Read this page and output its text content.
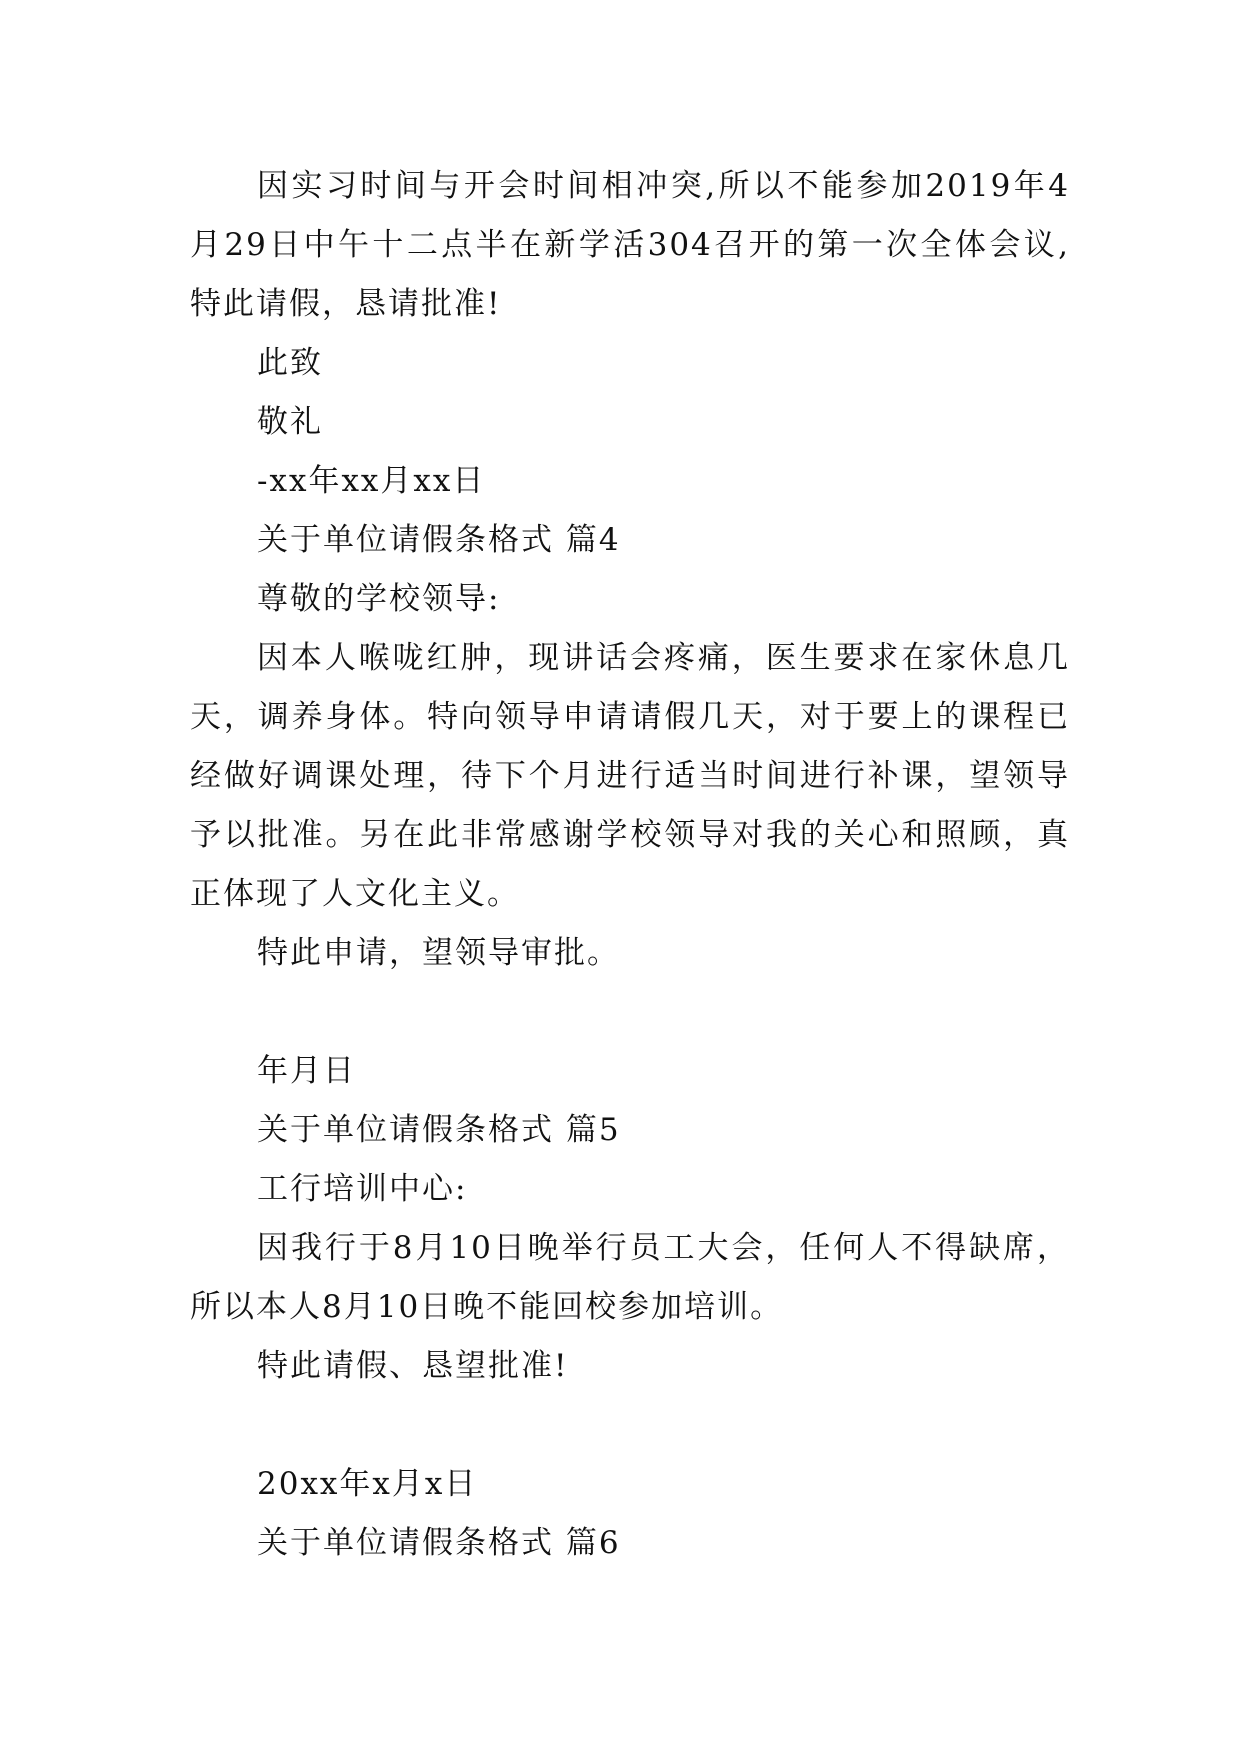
因实习时间与开会时间相冲突,所以不能参加2019年4
月29日中午十二点半在新学活304召开的第一次全体会议,
特此请假，恳请批准!
此致
敬礼
-xx年xx月xx日
关于单位请假条格式 篇4
尊敬的学校领导:
因本人喉咙红肿，现讲话会疼痛，医生要求在家休息几
天，调养身体。特向领导申请请假几天，对于要上的课程已
经做好调课处理，待下个月进行适当时间进行补课，望领导
予以批准。另在此非常感谢学校领导对我的关心和照顾，真
正体现了人文化主义。
特此申请，望领导审批。
年月日
关于单位请假条格式 篇5
工行培训中心:
因我行于8月10日晚举行员工大会，任何人不得缺席，
所以本人8月10日晚不能回校参加培训。
特此请假、恳望批准!
20xx年x月x日
关于单位请假条格式 篇6
